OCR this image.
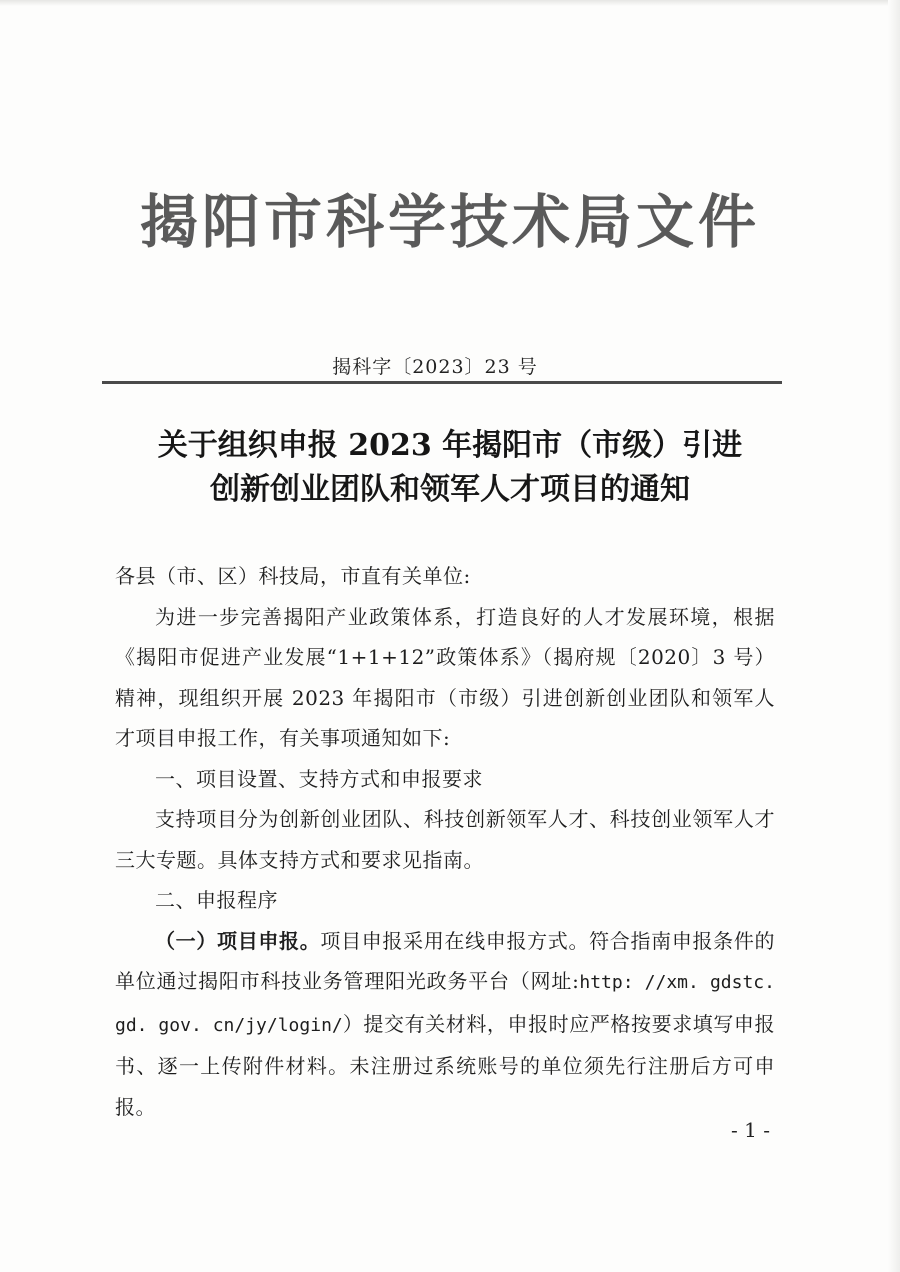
揭阳市科学技术局文件
揭科字〔2023〕23 号
关于组织申报 2023 年揭阳市（市级）引进
创新创业团队和领军人才项目的通知

各县（市、区）科技局，市直有关单位:

为进一步完善揭阳产业政策体系，打造良好的人才发展环境，根据《揭阳市促进产业发展“1+1+12”政策体系》（揭府规〔2020〕3 号）精神，现组织开展 2023 年揭阳市（市级）引进创新创业团队和领军人才项目申报工作，有关事项通知如下:

一、项目设置、支持方式和申报要求

支持项目分为创新创业团队、科技创新领军人才、科技创业领军人才三大专题。具体支持方式和要求见指南。

二、申报程序

（一）项目申报。项目申报采用在线申报方式。符合指南申报条件的单位通过揭阳市科技业务管理阳光政务平台（网址:http: //xm. gdstc. gd. gov. cn/jy/login/）提交有关材料，申报时应严格按要求填写申报书、逐一上传附件材料。未注册过系统账号的单位须先行注册后方可申报。

- 1 -
